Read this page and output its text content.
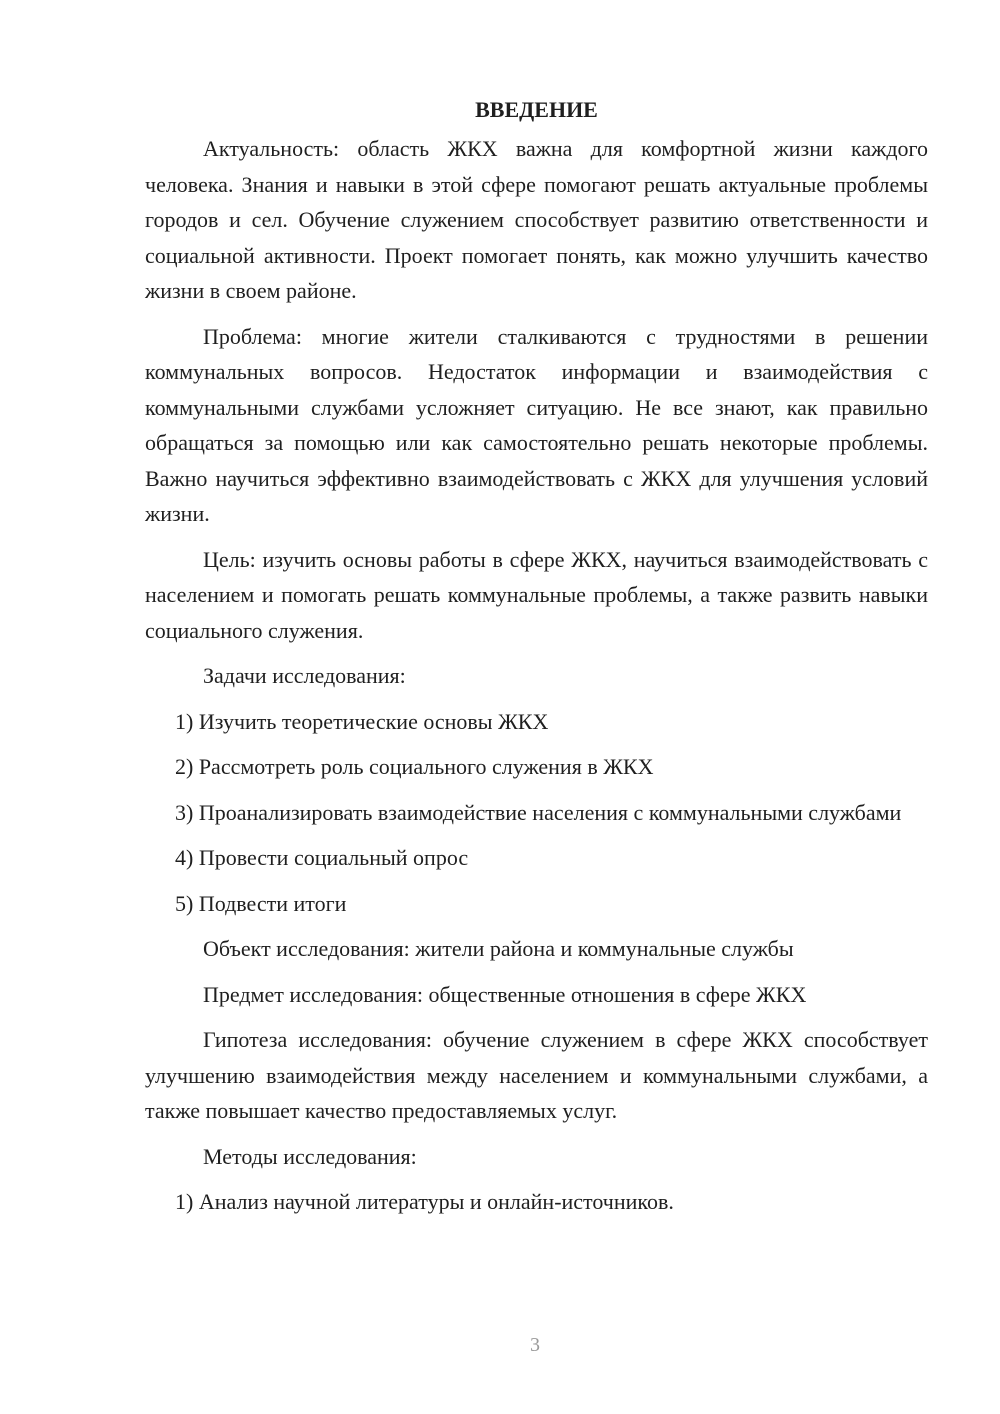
ВВЕДЕНИЕ

Актуальность: область ЖКХ важна для комфортной жизни каждого человека. Знания и навыки в этой сфере помогают решать актуальные проблемы городов и сел. Обучение служением способствует развитию ответственности и социальной активности. Проект помогает понять, как можно улучшить качество жизни в своем районе.

Проблема: многие жители сталкиваются с трудностями в решении коммунальных вопросов. Недостаток информации и взаимодействия с коммунальными службами усложняет ситуацию. Не все знают, как правильно обращаться за помощью или как самостоятельно решать некоторые проблемы. Важно научиться эффективно взаимодействовать с ЖКХ для улучшения условий жизни.

Цель: изучить основы работы в сфере ЖКХ, научиться взаимодействовать с населением и помогать решать коммунальные проблемы, а также развить навыки социального служения.

Задачи исследования:

1) Изучить теоретические основы ЖКХ

2) Рассмотреть роль социального служения в ЖКХ

3) Проанализировать взаимодействие населения с коммунальными службами

4) Провести социальный опрос

5) Подвести итоги

Объект исследования: жители района и коммунальные службы

Предмет исследования: общественные отношения в сфере ЖКХ

Гипотеза исследования: обучение служением в сфере ЖКХ способствует улучшению взаимодействия между населением и коммунальными службами, а также повышает качество предоставляемых услуг.

Методы исследования:

1) Анализ научной литературы и онлайн-источников.

3
